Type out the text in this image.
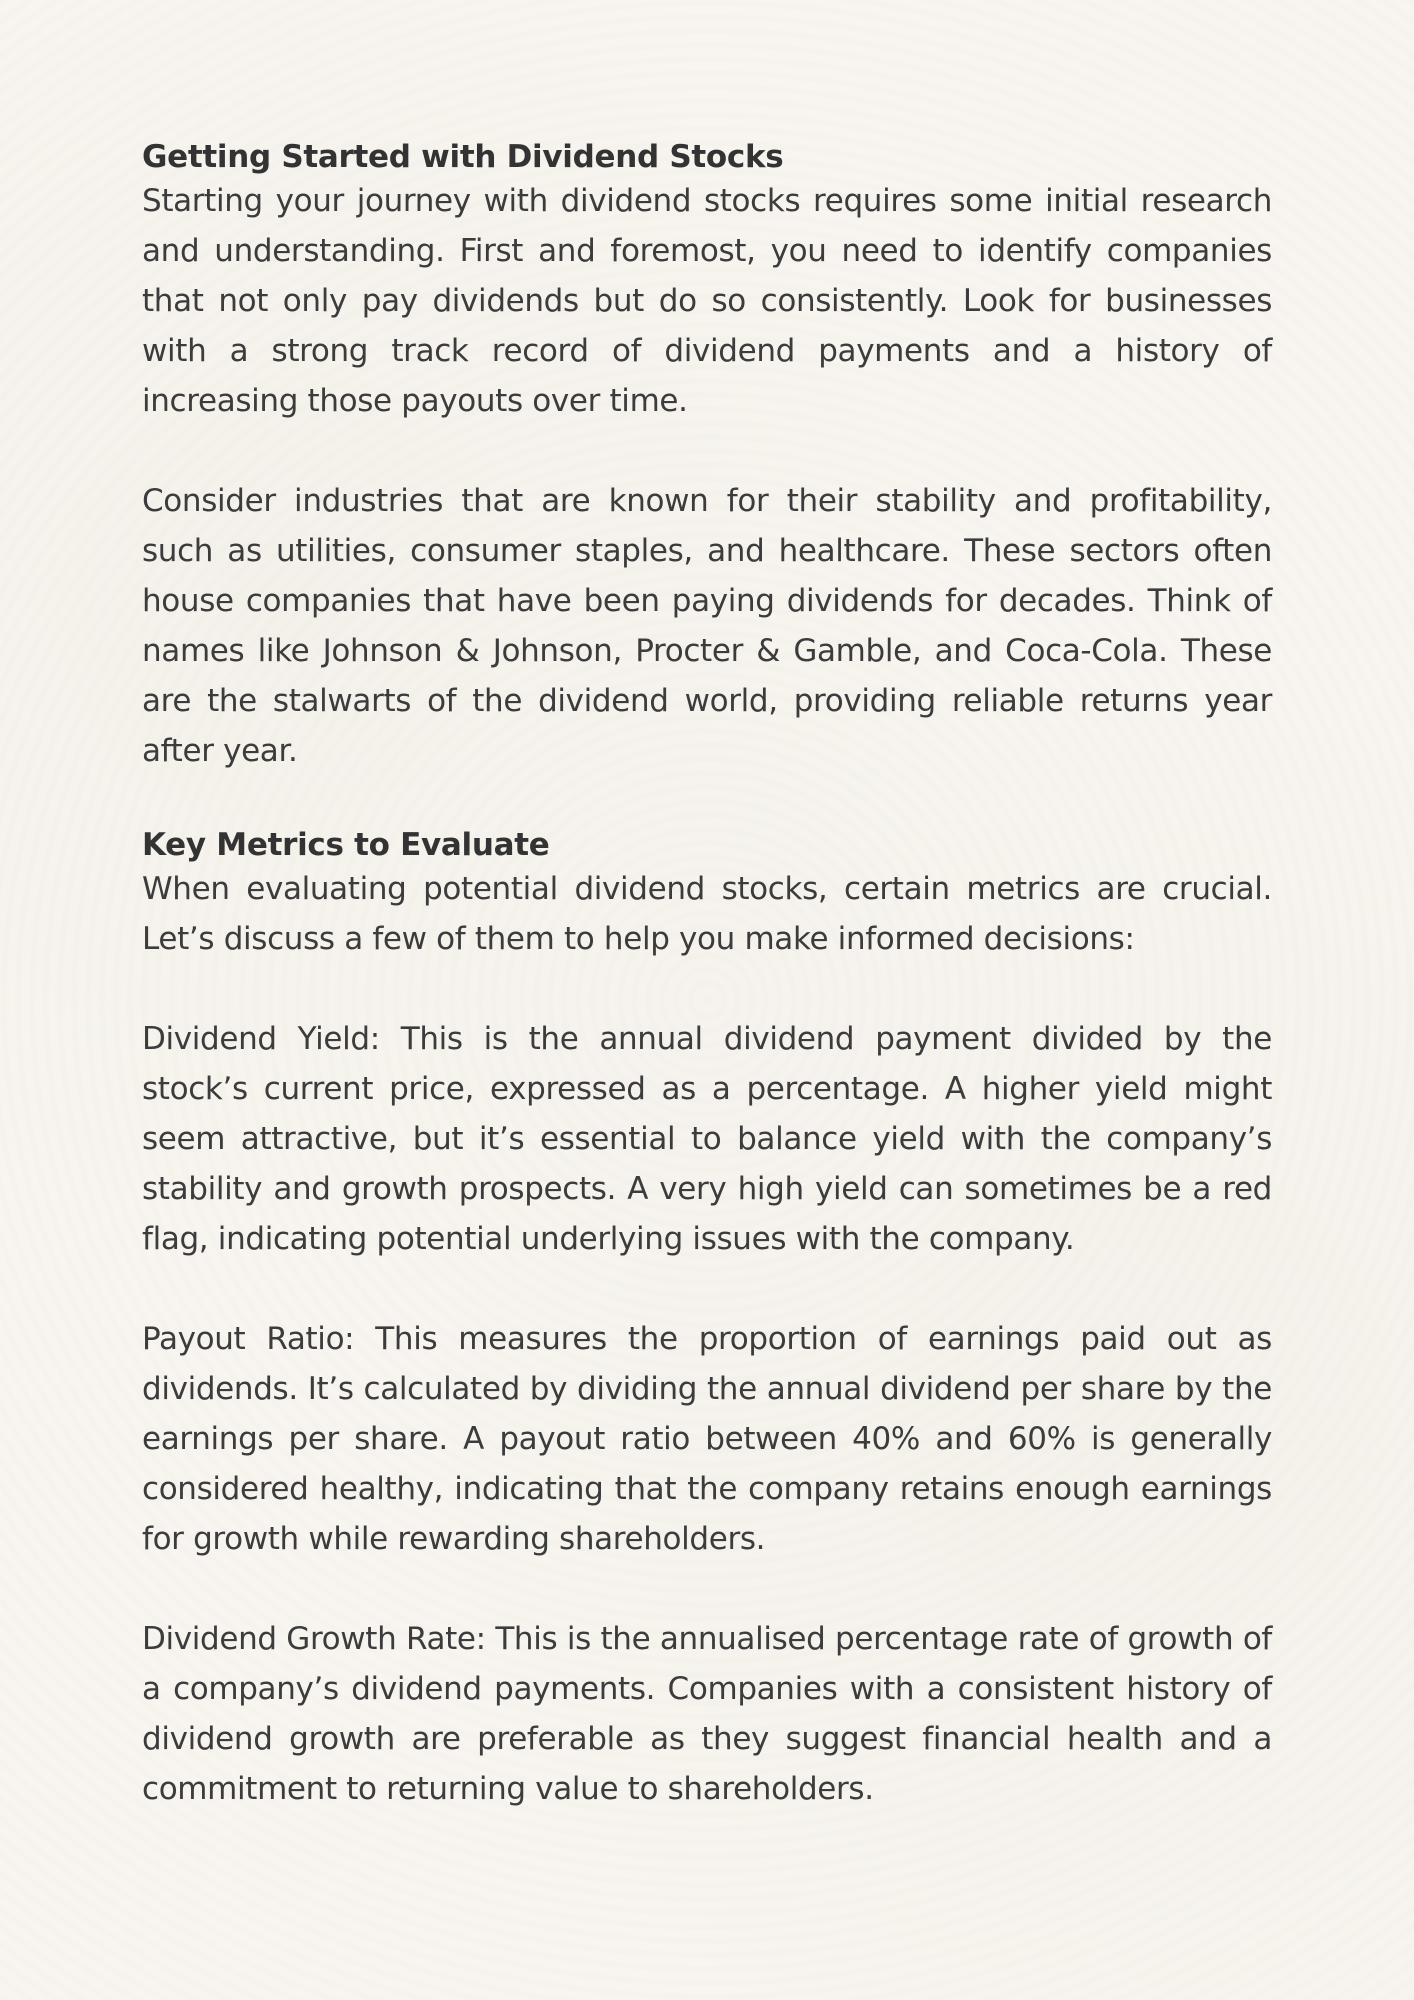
Getting Started with Dividend Stocks

Starting your journey with dividend stocks requires some initial research and understanding. First and foremost, you need to identify companies that not only pay dividends but do so consistently. Look for businesses with a strong track record of dividend payments and a history of increasing those payouts over time.

Consider industries that are known for their stability and profitability, such as utilities, consumer staples, and healthcare. These sectors often house companies that have been paying dividends for decades. Think of names like Johnson & Johnson, Procter & Gamble, and Coca-Cola. These are the stalwarts of the dividend world, providing reliable returns year after year.

Key Metrics to Evaluate

When evaluating potential dividend stocks, certain metrics are crucial. Let’s discuss a few of them to help you make informed decisions:

Dividend Yield: This is the annual dividend payment divided by the stock’s current price, expressed as a percentage. A higher yield might seem attractive, but it’s essential to balance yield with the company’s stability and growth prospects. A very high yield can sometimes be a red flag, indicating potential underlying issues with the company.

Payout Ratio: This measures the proportion of earnings paid out as dividends. It’s calculated by dividing the annual dividend per share by the earnings per share. A payout ratio between 40% and 60% is generally considered healthy, indicating that the company retains enough earnings for growth while rewarding shareholders.

Dividend Growth Rate: This is the annualised percentage rate of growth of a company’s dividend payments. Companies with a consistent history of dividend growth are preferable as they suggest financial health and a commitment to returning value to shareholders.
